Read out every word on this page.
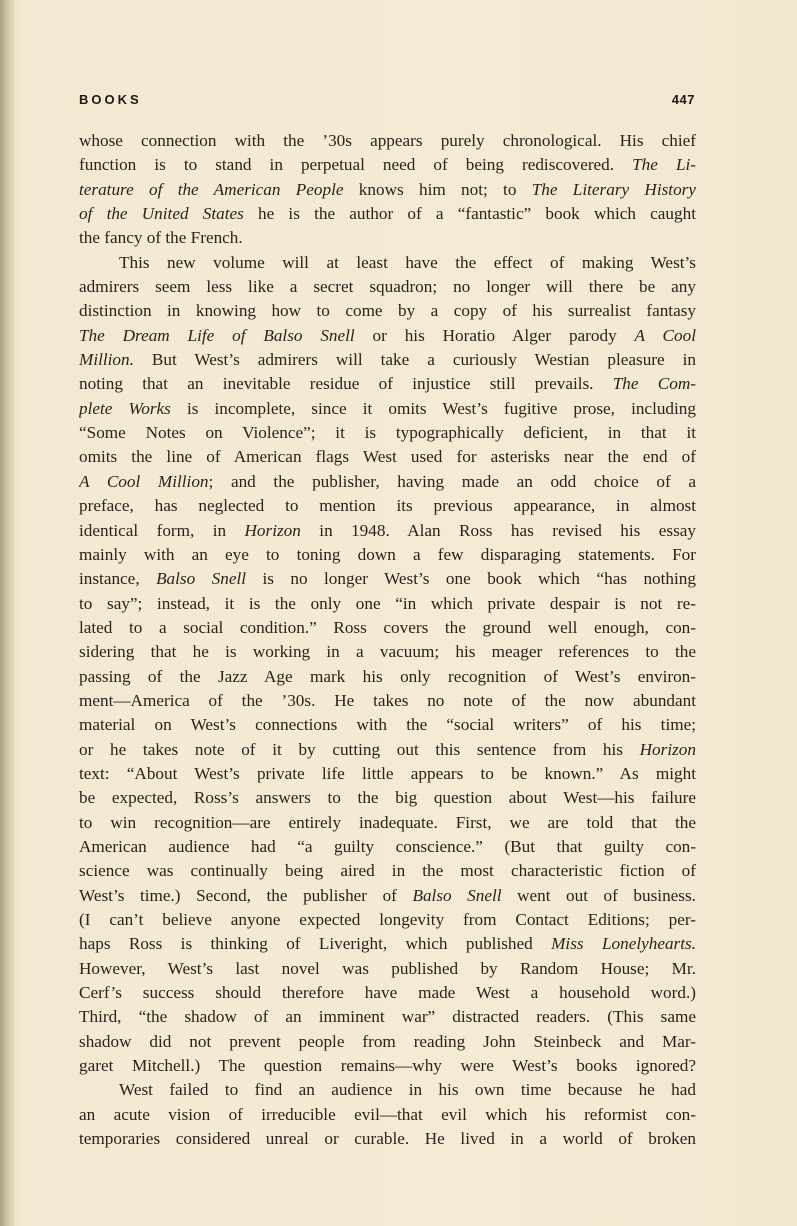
BOOKS	447
whose connection with the ’30s appears purely chronological. His chief
function is to stand in perpetual need of being rediscovered. The Li-
terature of the American People knows him not; to The Literary History
of the United States he is the author of a “fantastic” book which caught
the fancy of the French.
This new volume will at least have the effect of making West’s
admirers seem less like a secret squadron; no longer will there be any
distinction in knowing how to come by a copy of his surrealist fantasy
The Dream Life of Balso Snell or his Horatio Alger parody A Cool
Million. But West’s admirers will take a curiously Westian pleasure in
noting that an inevitable residue of injustice still prevails. The Com-
plete Works is incomplete, since it omits West’s fugitive prose, including
“Some Notes on Violence”; it is typographically deficient, in that it
omits the line of American flags West used for asterisks near the end of
A Cool Million; and the publisher, having made an odd choice of a
preface, has neglected to mention its previous appearance, in almost
identical form, in Horizon in 1948. Alan Ross has revised his essay
mainly with an eye to toning down a few disparaging statements. For
instance, Balso Snell is no longer West’s one book which “has nothing
to say”; instead, it is the only one “in which private despair is not re-
lated to a social condition.” Ross covers the ground well enough, con-
sidering that he is working in a vacuum; his meager references to the
passing of the Jazz Age mark his only recognition of West’s environ-
ment—America of the ’30s. He takes no note of the now abundant
material on West’s connections with the “social writers” of his time;
or he takes note of it by cutting out this sentence from his Horizon
text: “About West’s private life little appears to be known.” As might
be expected, Ross’s answers to the big question about West—his failure
to win recognition—are entirely inadequate. First, we are told that the
American audience had “a guilty conscience.” (But that guilty con-
science was continually being aired in the most characteristic fiction of
West’s time.) Second, the publisher of Balso Snell went out of business.
(I can’t believe anyone expected longevity from Contact Editions; per-
haps Ross is thinking of Liveright, which published Miss Lonelyhearts.
However, West’s last novel was published by Random House; Mr.
Cerf’s success should therefore have made West a household word.)
Third, “the shadow of an imminent war” distracted readers. (This same
shadow did not prevent people from reading John Steinbeck and Mar-
garet Mitchell.) The question remains—why were West’s books ignored?
West failed to find an audience in his own time because he had
an acute vision of irreducible evil—that evil which his reformist con-
temporaries considered unreal or curable. He lived in a world of broken
